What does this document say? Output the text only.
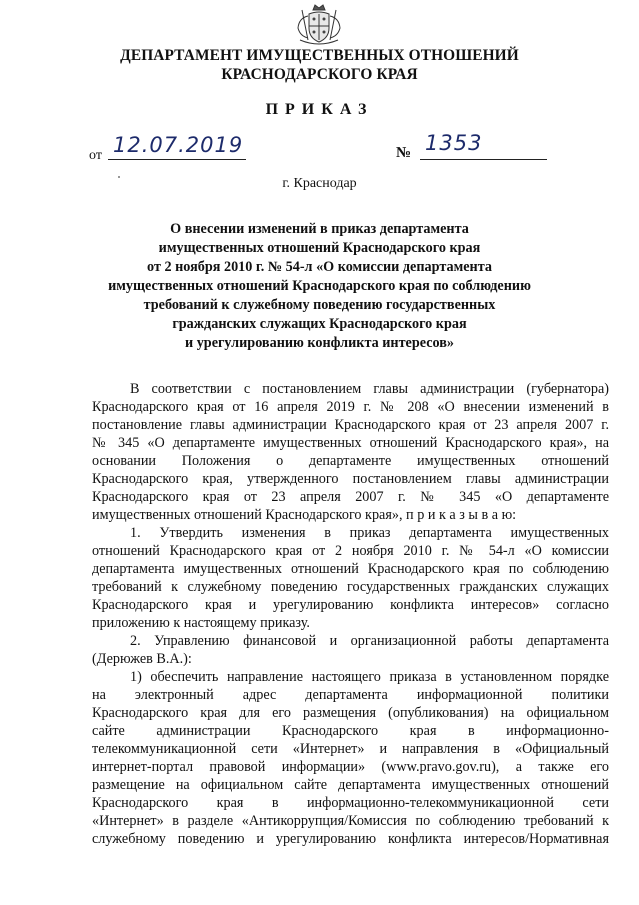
ДЕПАРТАМЕНТ ИМУЩЕСТВЕННЫХ ОТНОШЕНИЙ
КРАСНОДАРСКОГО КРАЯ
ПРИКАЗ
от 12.07.2019	№ 1353
г. Краснодар
О внесении изменений в приказ департамента
имущественных отношений Краснодарского края
от 2 ноября 2010 г. № 54-л «О комиссии департамента
имущественных отношений Краснодарского края по соблюдению
требований к служебному поведению государственных
гражданских служащих Краснодарского края
и урегулированию конфликта интересов»
В соответствии с постановлением главы администрации (губернатора)
Краснодарского края от 16 апреля 2019 г. № 208 «О внесении изменений в
постановление главы администрации Краснодарского края от 23 апреля 2007 г.
№ 345 «О департаменте имущественных отношений Краснодарского края», на
основании Положения о департаменте имущественных отношений
Краснодарского края, утвержденного постановлением главы администрации
Краснодарского края от 23 апреля 2007 г. № 345 «О департаменте
имущественных отношений Краснодарского края», п р и к а з ы в а ю:
1. Утвердить изменения в приказ департамента имущественных
отношений Краснодарского края от 2 ноября 2010 г. № 54-л «О комиссии
департамента имущественных отношений Краснодарского края по соблюдению
требований к служебному поведению государственных гражданских служащих
Краснодарского края и урегулированию конфликта интересов» согласно
приложению к настоящему приказу.
2. Управлению финансовой и организационной работы департамента
(Дерюжев В.А.):
1) обеспечить направление настоящего приказа в установленном порядке
на электронный адрес департамента информационной политики
Краснодарского края для его размещения (опубликования) на официальном
сайте администрации Краснодарского края в информационно-
телекоммуникационной сети «Интернет» и направления в «Официальный
интернет-портал правовой информации» (www.pravo.gov.ru), а также его
размещение на официальном сайте департамента имущественных отношений
Краснодарского края в информационно-телекоммуникационной сети
«Интернет» в разделе «Антикоррупция/Комиссия по соблюдению требований к
служебному поведению и урегулированию конфликта интересов/Нормативная
